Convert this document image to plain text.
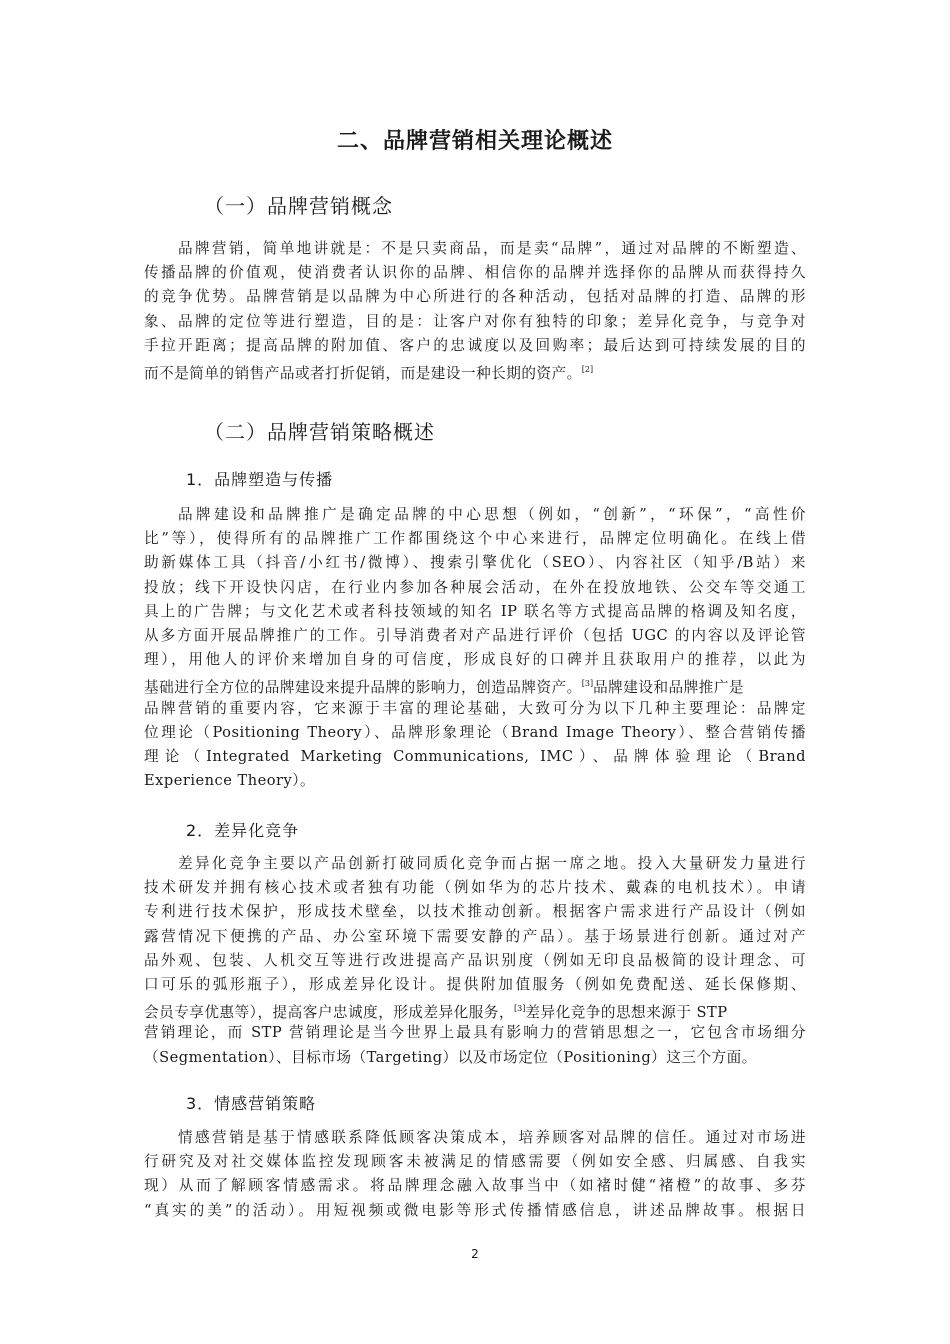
二、品牌营销相关理论概述
（一）品牌营销概念
品牌营销，简单地讲就是：不是只卖商品，而是卖“品牌”，通过对品牌的不断塑造、
传播品牌的价值观，使消费者认识你的品牌、相信你的品牌并选择你的品牌从而获得持久
的竞争优势。品牌营销是以品牌为中心所进行的各种活动，包括对品牌的打造、品牌的形
象、品牌的定位等进行塑造，目的是：让客户对你有独特的印象；差异化竞争，与竞争对
手拉开距离；提高品牌的附加值、客户的忠诚度以及回购率；最后达到可持续发展的目的
而不是简单的销售产品或者打折促销，而是建设一种长期的资产。[2]
（二）品牌营销策略概述
1．品牌塑造与传播
品牌建设和品牌推广是确定品牌的中心思想（例如，“创新”，“环保”，“高性价
比”等），使得所有的品牌推广工作都围绕这个中心来进行，品牌定位明确化。在线上借
助新媒体工具（抖音/小红书/微博）、搜索引擎优化（SEO）、内容社区（知乎/B站）来
投放；线下开设快闪店，在行业内参加各种展会活动，在外在投放地铁、公交车等交通工
具上的广告牌；与文化艺术或者科技领域的知名 IP 联名等方式提高品牌的格调及知名度，
从多方面开展品牌推广的工作。引导消费者对产品进行评价（包括 UGC 的内容以及评论管
理），用他人的评价来增加自身的可信度，形成良好的口碑并且获取用户的推荐，以此为
基础进行全方位的品牌建设来提升品牌的影响力，创造品牌资产。[3]品牌建设和品牌推广是
品牌营销的重要内容，它来源于丰富的理论基础，大致可分为以下几种主要理论：品牌定
位理论（Positioning Theory）、品牌形象理论（Brand Image Theory）、整合营销传播
理论（Integrated Marketing Communications, IMC）、品牌体验理论（Brand
Experience Theory）。
2．差异化竞争
差异化竞争主要以产品创新打破同质化竞争而占据一席之地。投入大量研发力量进行
技术研发并拥有核心技术或者独有功能（例如华为的芯片技术、戴森的电机技术）。申请
专利进行技术保护，形成技术壁垒，以技术推动创新。根据客户需求进行产品设计（例如
露营情况下便携的产品、办公室环境下需要安静的产品）。基于场景进行创新。通过对产
品外观、包装、人机交互等进行改进提高产品识别度（例如无印良品极简的设计理念、可
口可乐的弧形瓶子），形成差异化设计。提供附加值服务（例如免费配送、延长保修期、
会员专享优惠等），提高客户忠诚度，形成差异化服务，[3]差异化竞争的思想来源于 STP
营销理论，而 STP 营销理论是当今世界上最具有影响力的营销思想之一，它包含市场细分
（Segmentation）、目标市场（Targeting）以及市场定位（Positioning）这三个方面。
3．情感营销策略
情感营销是基于情感联系降低顾客决策成本，培养顾客对品牌的信任。通过对市场进
行研究及对社交媒体监控发现顾客未被满足的情感需要（例如安全感、归属感、自我实
现）从而了解顾客情感需求。将品牌理念融入故事当中（如褚时健“褚橙”的故事、多芬
“真实的美”的活动）。用短视频或微电影等形式传播情感信息，讲述品牌故事。根据日
2
